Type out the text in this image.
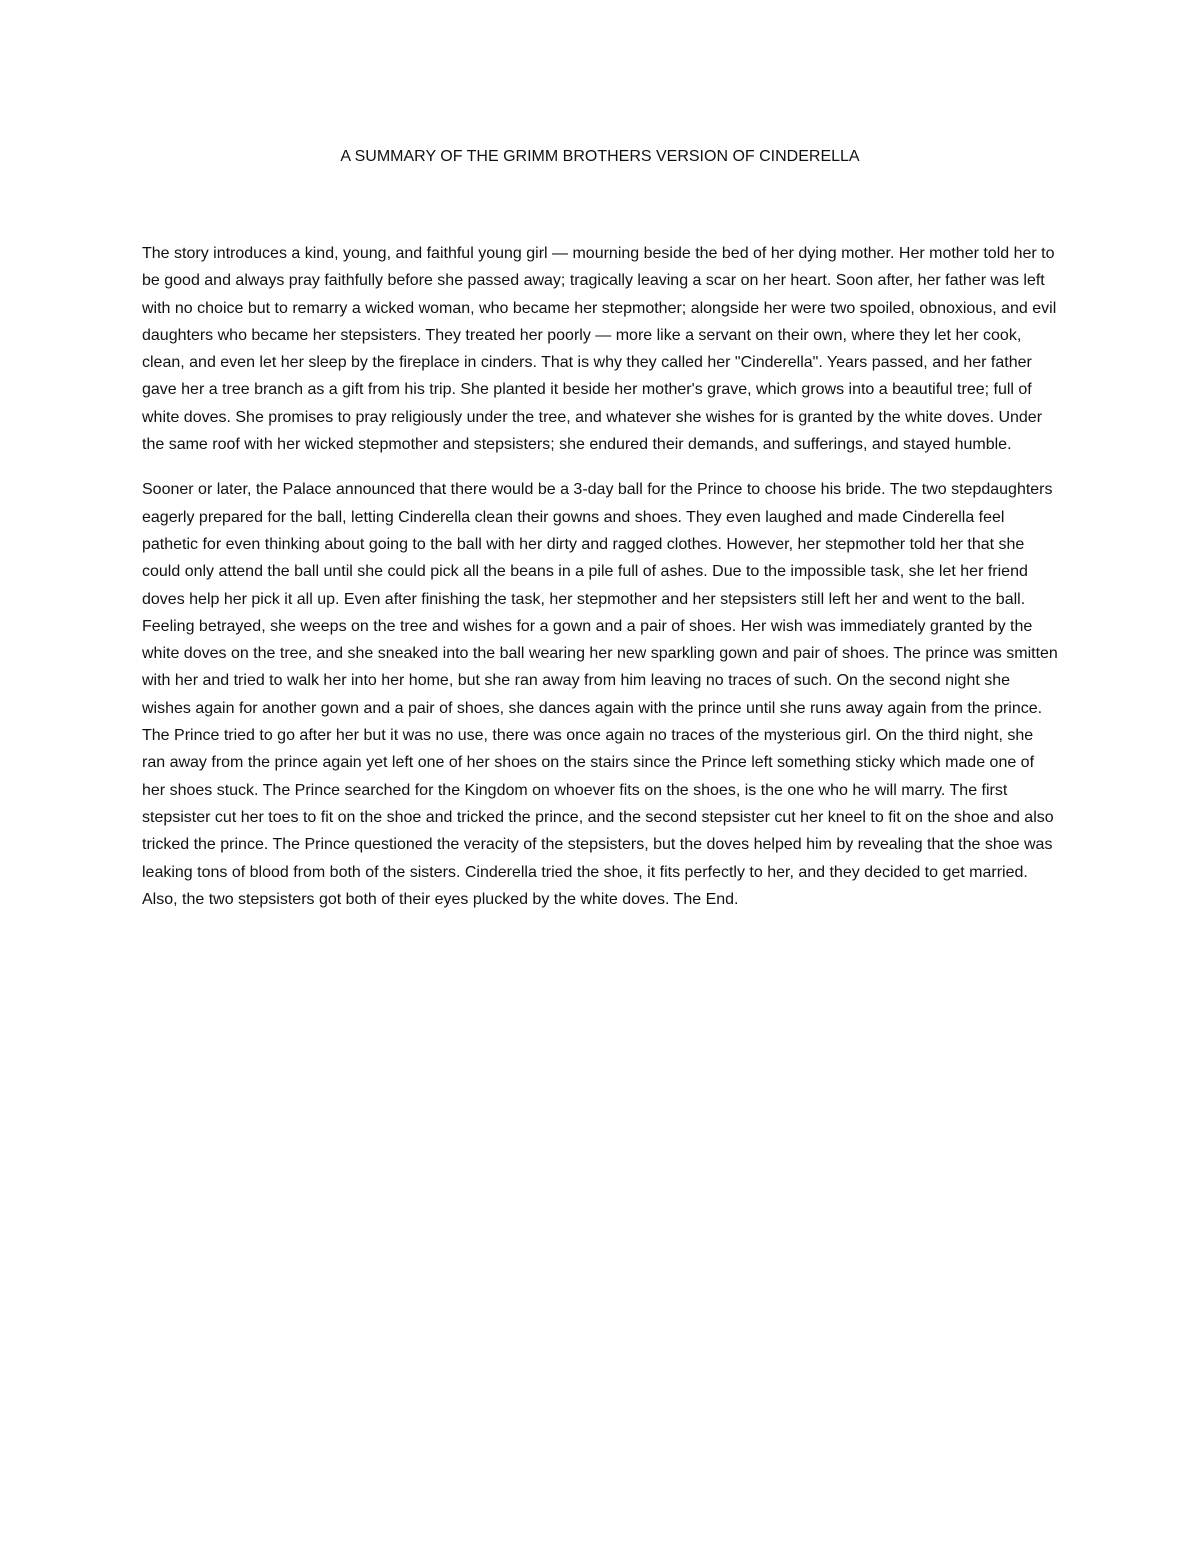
A SUMMARY OF THE GRIMM BROTHERS VERSION OF CINDERELLA

The story introduces a kind, young, and faithful young girl — mourning beside the bed of her dying mother. Her mother told her to be good and always pray faithfully before she passed away; tragically leaving a scar on her heart. Soon after, her father was left with no choice but to remarry a wicked woman, who became her stepmother; alongside her were two spoiled, obnoxious, and evil daughters who became her stepsisters. They treated her poorly — more like a servant on their own, where they let her cook, clean, and even let her sleep by the fireplace in cinders. That is why they called her "Cinderella". Years passed, and her father gave her a tree branch as a gift from his trip. She planted it beside her mother's grave, which grows into a beautiful tree; full of white doves. She promises to pray religiously under the tree, and whatever she wishes for is granted by the white doves. Under the same roof with her wicked stepmother and stepsisters; she endured their demands, and sufferings, and stayed humble.

Sooner or later, the Palace announced that there would be a 3-day ball for the Prince to choose his bride. The two stepdaughters eagerly prepared for the ball, letting Cinderella clean their gowns and shoes. They even laughed and made Cinderella feel pathetic for even thinking about going to the ball with her dirty and ragged clothes. However, her stepmother told her that she could only attend the ball until she could pick all the beans in a pile full of ashes. Due to the impossible task, she let her friend doves help her pick it all up. Even after finishing the task, her stepmother and her stepsisters still left her and went to the ball. Feeling betrayed, she weeps on the tree and wishes for a gown and a pair of shoes. Her wish was immediately granted by the white doves on the tree, and she sneaked into the ball wearing her new sparkling gown and pair of shoes. The prince was smitten with her and tried to walk her into her home, but she ran away from him leaving no traces of such. On the second night she wishes again for another gown and a pair of shoes, she dances again with the prince until she runs away again from the prince. The Prince tried to go after her but it was no use, there was once again no traces of the mysterious girl. On the third night, she ran away from the prince again yet left one of her shoes on the stairs since the Prince left something sticky which made one of her shoes stuck. The Prince searched for the Kingdom on whoever fits on the shoes, is the one who he will marry. The first stepsister cut her toes to fit on the shoe and tricked the prince, and the second stepsister cut her kneel to fit on the shoe and also tricked the prince. The Prince questioned the veracity of the stepsisters, but the doves helped him by revealing that the shoe was leaking tons of blood from both of the sisters. Cinderella tried the shoe, it fits perfectly to her, and they decided to get married. Also, the two stepsisters got both of their eyes plucked by the white doves. The End.
